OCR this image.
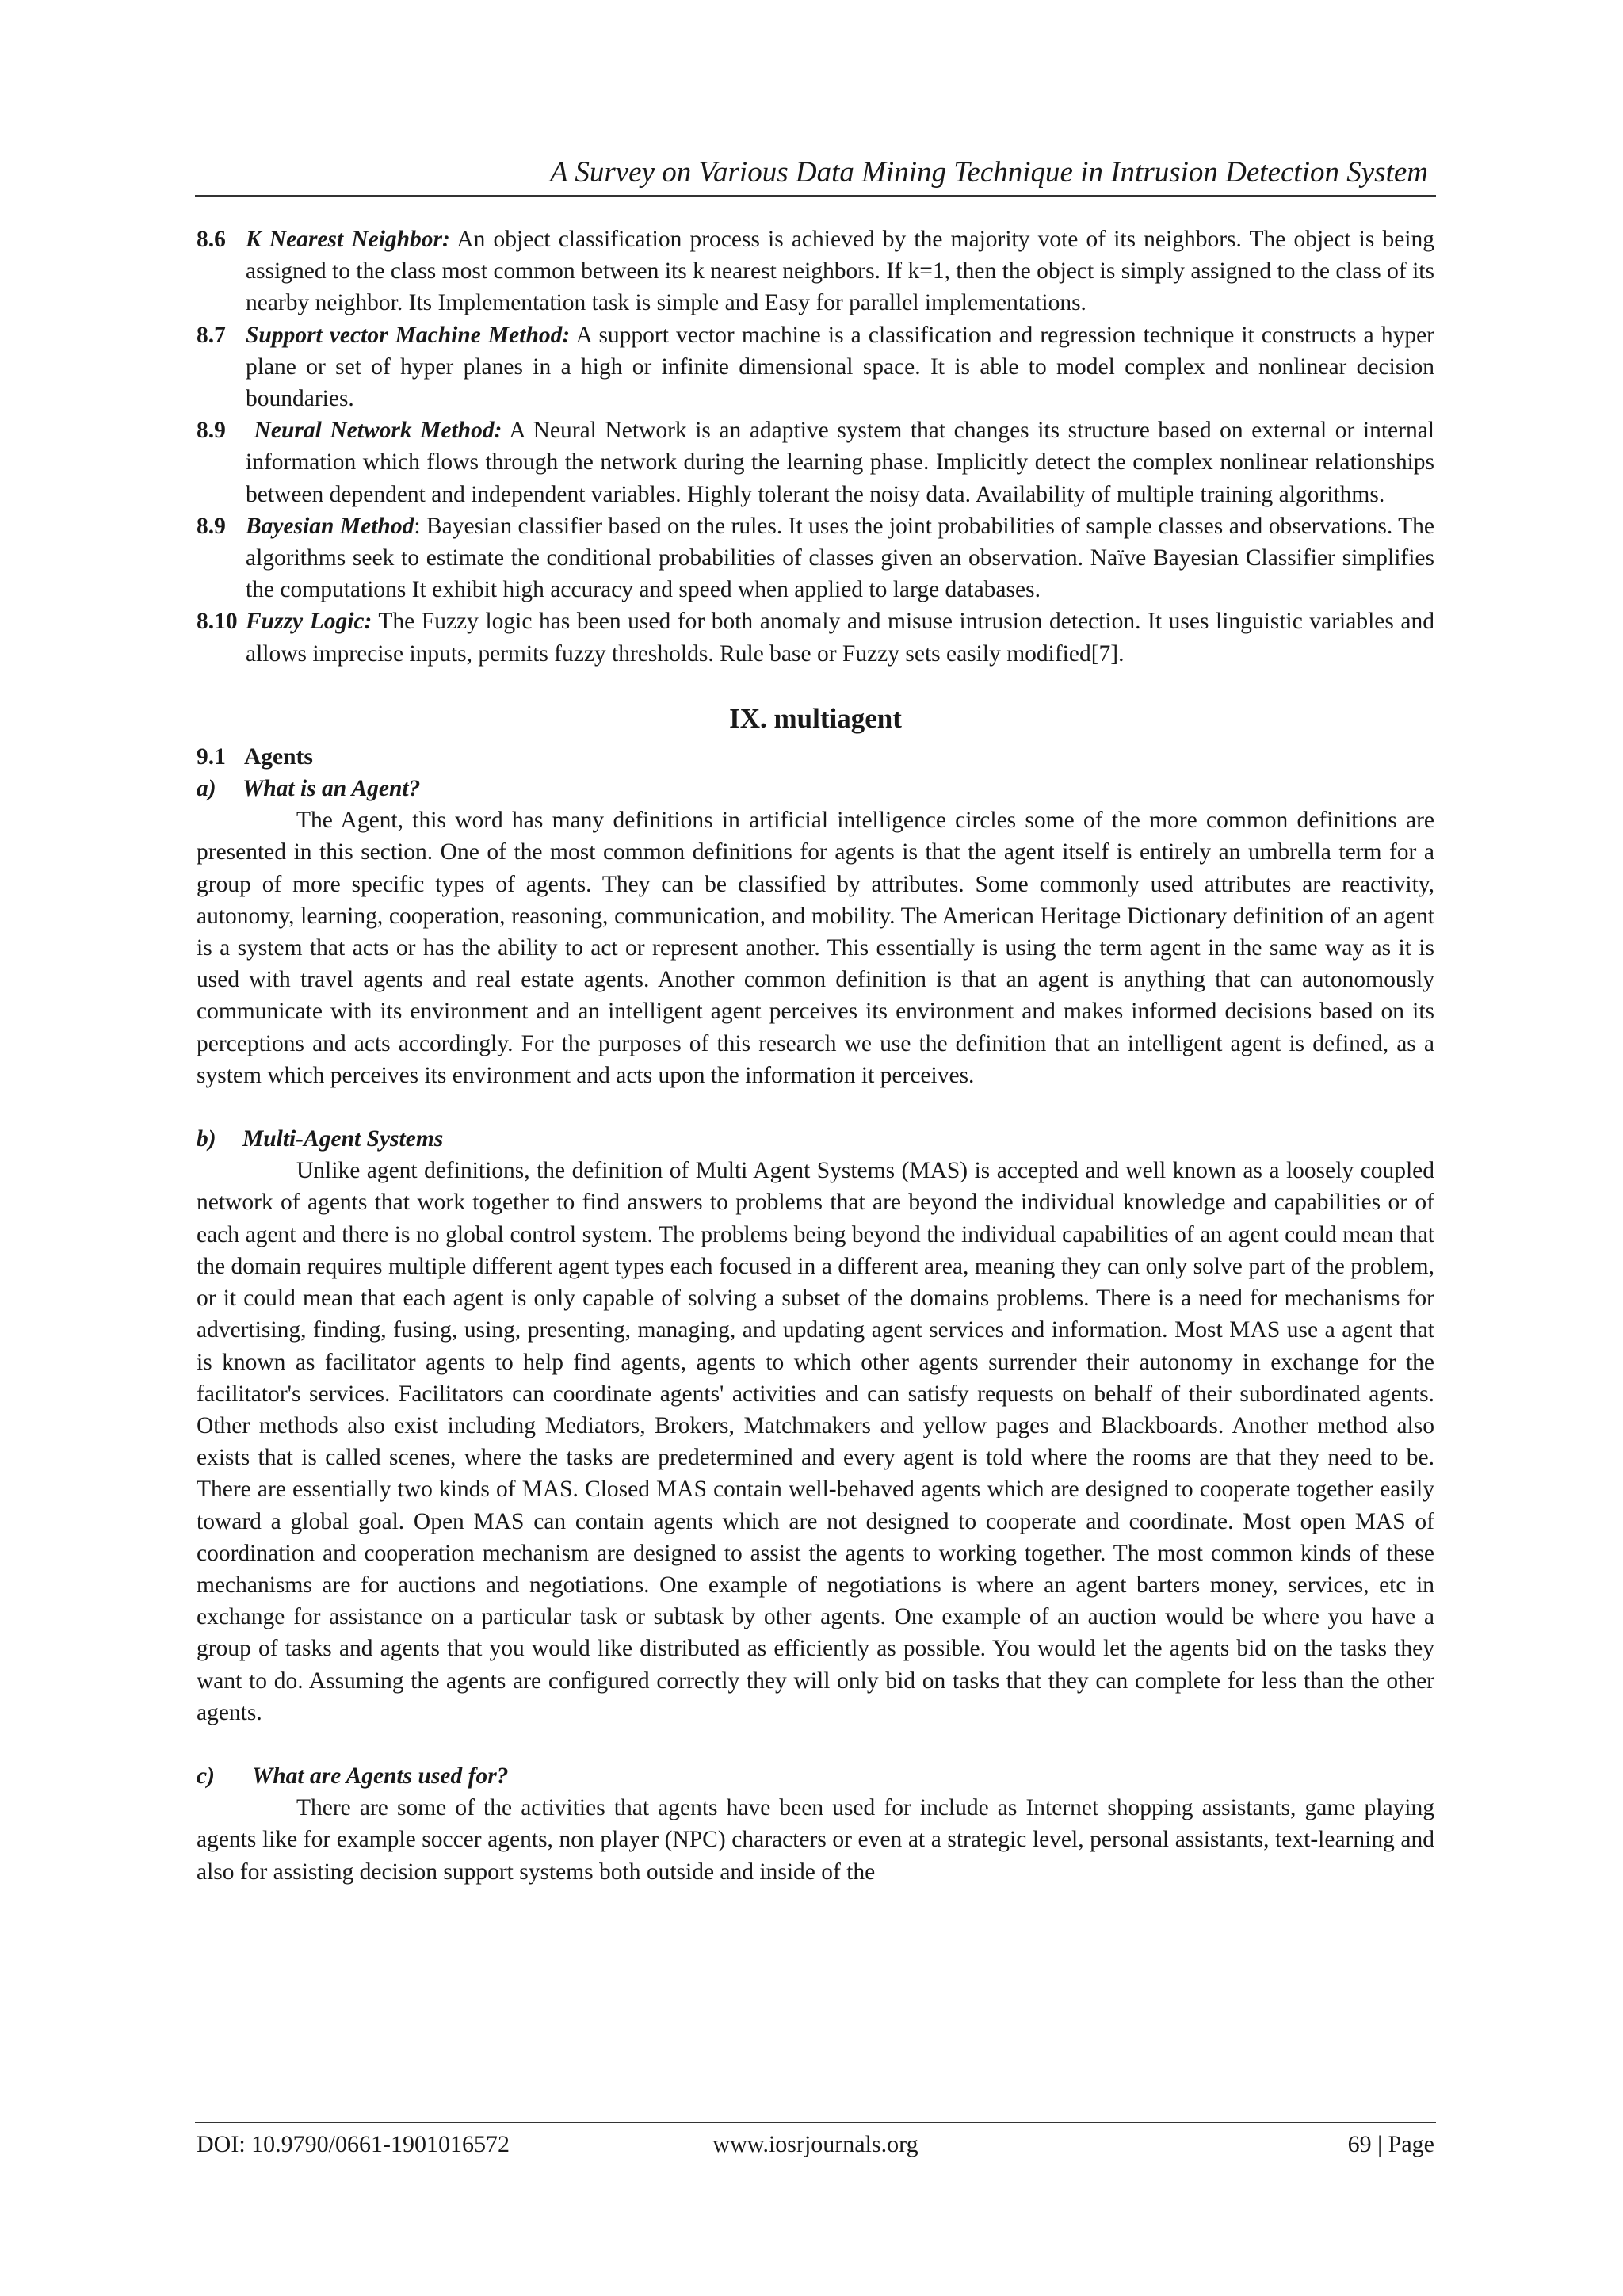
A Survey on Various Data Mining Technique in Intrusion Detection System
8.6 K Nearest Neighbor: An object classification process is achieved by the majority vote of its neighbors. The object is being assigned to the class most common between its k nearest neighbors. If k=1, then the object is simply assigned to the class of its nearby neighbor. Its Implementation task is simple and Easy for parallel implementations.
8.7 Support vector Machine Method: A support vector machine is a classification and regression technique it constructs a hyper plane or set of hyper planes in a high or infinite dimensional space. It is able to model complex and nonlinear decision boundaries.
8.9 Neural Network Method: A Neural Network is an adaptive system that changes its structure based on external or internal information which flows through the network during the learning phase. Implicitly detect the complex nonlinear relationships between dependent and independent variables. Highly tolerant the noisy data. Availability of multiple training algorithms.
8.9 Bayesian Method: Bayesian classifier based on the rules. It uses the joint probabilities of sample classes and observations. The algorithms seek to estimate the conditional probabilities of classes given an observation. Naïve Bayesian Classifier simplifies the computations It exhibit high accuracy and speed when applied to large databases.
8.10 Fuzzy Logic: The Fuzzy logic has been used for both anomaly and misuse intrusion detection. It uses linguistic variables and allows imprecise inputs, permits fuzzy thresholds. Rule base or Fuzzy sets easily modified[7].
IX. multiagent
9.1 Agents
a) What is an Agent?
The Agent, this word has many definitions in artificial intelligence circles some of the more common definitions are presented in this section. One of the most common definitions for agents is that the agent itself is entirely an umbrella term for a group of more specific types of agents. They can be classified by attributes. Some commonly used attributes are reactivity, autonomy, learning, cooperation, reasoning, communication, and mobility. The American Heritage Dictionary definition of an agent is a system that acts or has the ability to act or represent another. This essentially is using the term agent in the same way as it is used with travel agents and real estate agents. Another common definition is that an agent is anything that can autonomously communicate with its environment and an intelligent agent perceives its environment and makes informed decisions based on its perceptions and acts accordingly. For the purposes of this research we use the definition that an intelligent agent is defined, as a system which perceives its environment and acts upon the information it perceives.
b) Multi-Agent Systems
Unlike agent definitions, the definition of Multi Agent Systems (MAS) is accepted and well known as a loosely coupled network of agents that work together to find answers to problems that are beyond the individual knowledge and capabilities or of each agent and there is no global control system. The problems being beyond the individual capabilities of an agent could mean that the domain requires multiple different agent types each focused in a different area, meaning they can only solve part of the problem, or it could mean that each agent is only capable of solving a subset of the domains problems. There is a need for mechanisms for advertising, finding, fusing, using, presenting, managing, and updating agent services and information. Most MAS use a agent that is known as facilitator agents to help find agents, agents to which other agents surrender their autonomy in exchange for the facilitator's services. Facilitators can coordinate agents' activities and can satisfy requests on behalf of their subordinated agents. Other methods also exist including Mediators, Brokers, Matchmakers and yellow pages and Blackboards. Another method also exists that is called scenes, where the tasks are predetermined and every agent is told where the rooms are that they need to be. There are essentially two kinds of MAS. Closed MAS contain well-behaved agents which are designed to cooperate together easily toward a global goal. Open MAS can contain agents which are not designed to cooperate and coordinate. Most open MAS of coordination and cooperation mechanism are designed to assist the agents to working together. The most common kinds of these mechanisms are for auctions and negotiations. One example of negotiations is where an agent barters money, services, etc in exchange for assistance on a particular task or subtask by other agents. One example of an auction would be where you have a group of tasks and agents that you would like distributed as efficiently as possible. You would let the agents bid on the tasks they want to do. Assuming the agents are configured correctly they will only bid on tasks that they can complete for less than the other agents.
c) What are Agents used for?
There are some of the activities that agents have been used for include as Internet shopping assistants, game playing agents like for example soccer agents, non player (NPC) characters or even at a strategic level, personal assistants, text-learning and also for assisting decision support systems both outside and inside of the
DOI: 10.9790/0661-1901016572	www.iosrjournals.org	69 | Page
